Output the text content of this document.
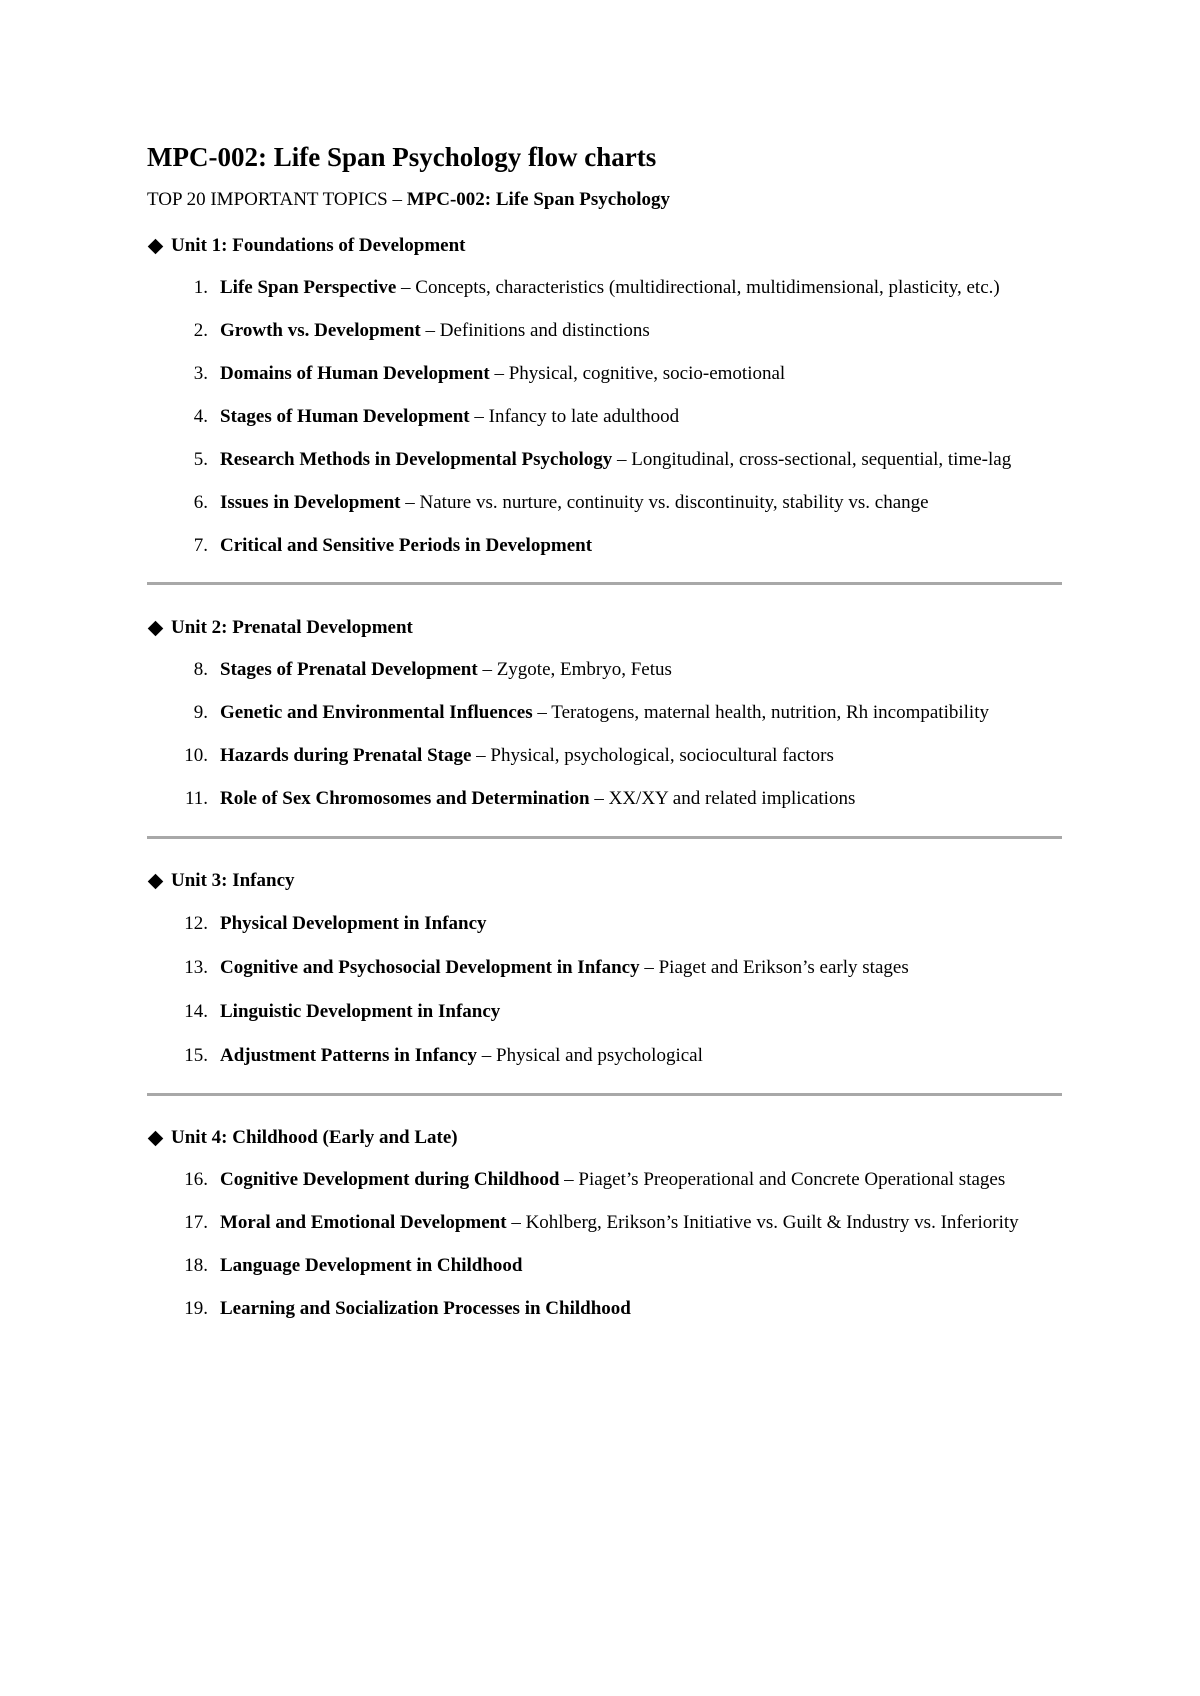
MPC-002: Life Span Psychology flow charts

TOP 20 IMPORTANT TOPICS – MPC-002: Life Span Psychology

Unit 1: Foundations of Development
1. Life Span Perspective – Concepts, characteristics (multidirectional, multidimensional, plasticity, etc.)
2. Growth vs. Development – Definitions and distinctions
3. Domains of Human Development – Physical, cognitive, socio-emotional
4. Stages of Human Development – Infancy to late adulthood
5. Research Methods in Developmental Psychology – Longitudinal, cross-sectional, sequential, time-lag
6. Issues in Development – Nature vs. nurture, continuity vs. discontinuity, stability vs. change
7. Critical and Sensitive Periods in Development
Unit 2: Prenatal Development
8. Stages of Prenatal Development – Zygote, Embryo, Fetus
9. Genetic and Environmental Influences – Teratogens, maternal health, nutrition, Rh incompatibility
10. Hazards during Prenatal Stage – Physical, psychological, sociocultural factors
11. Role of Sex Chromosomes and Determination – XX/XY and related implications
Unit 3: Infancy
12. Physical Development in Infancy
13. Cognitive and Psychosocial Development in Infancy – Piaget and Erikson’s early stages
14. Linguistic Development in Infancy
15. Adjustment Patterns in Infancy – Physical and psychological
Unit 4: Childhood (Early and Late)
16. Cognitive Development during Childhood – Piaget’s Preoperational and Concrete Operational stages
17. Moral and Emotional Development – Kohlberg, Erikson’s Initiative vs. Guilt & Industry vs. Inferiority
18. Language Development in Childhood
19. Learning and Socialization Processes in Childhood
